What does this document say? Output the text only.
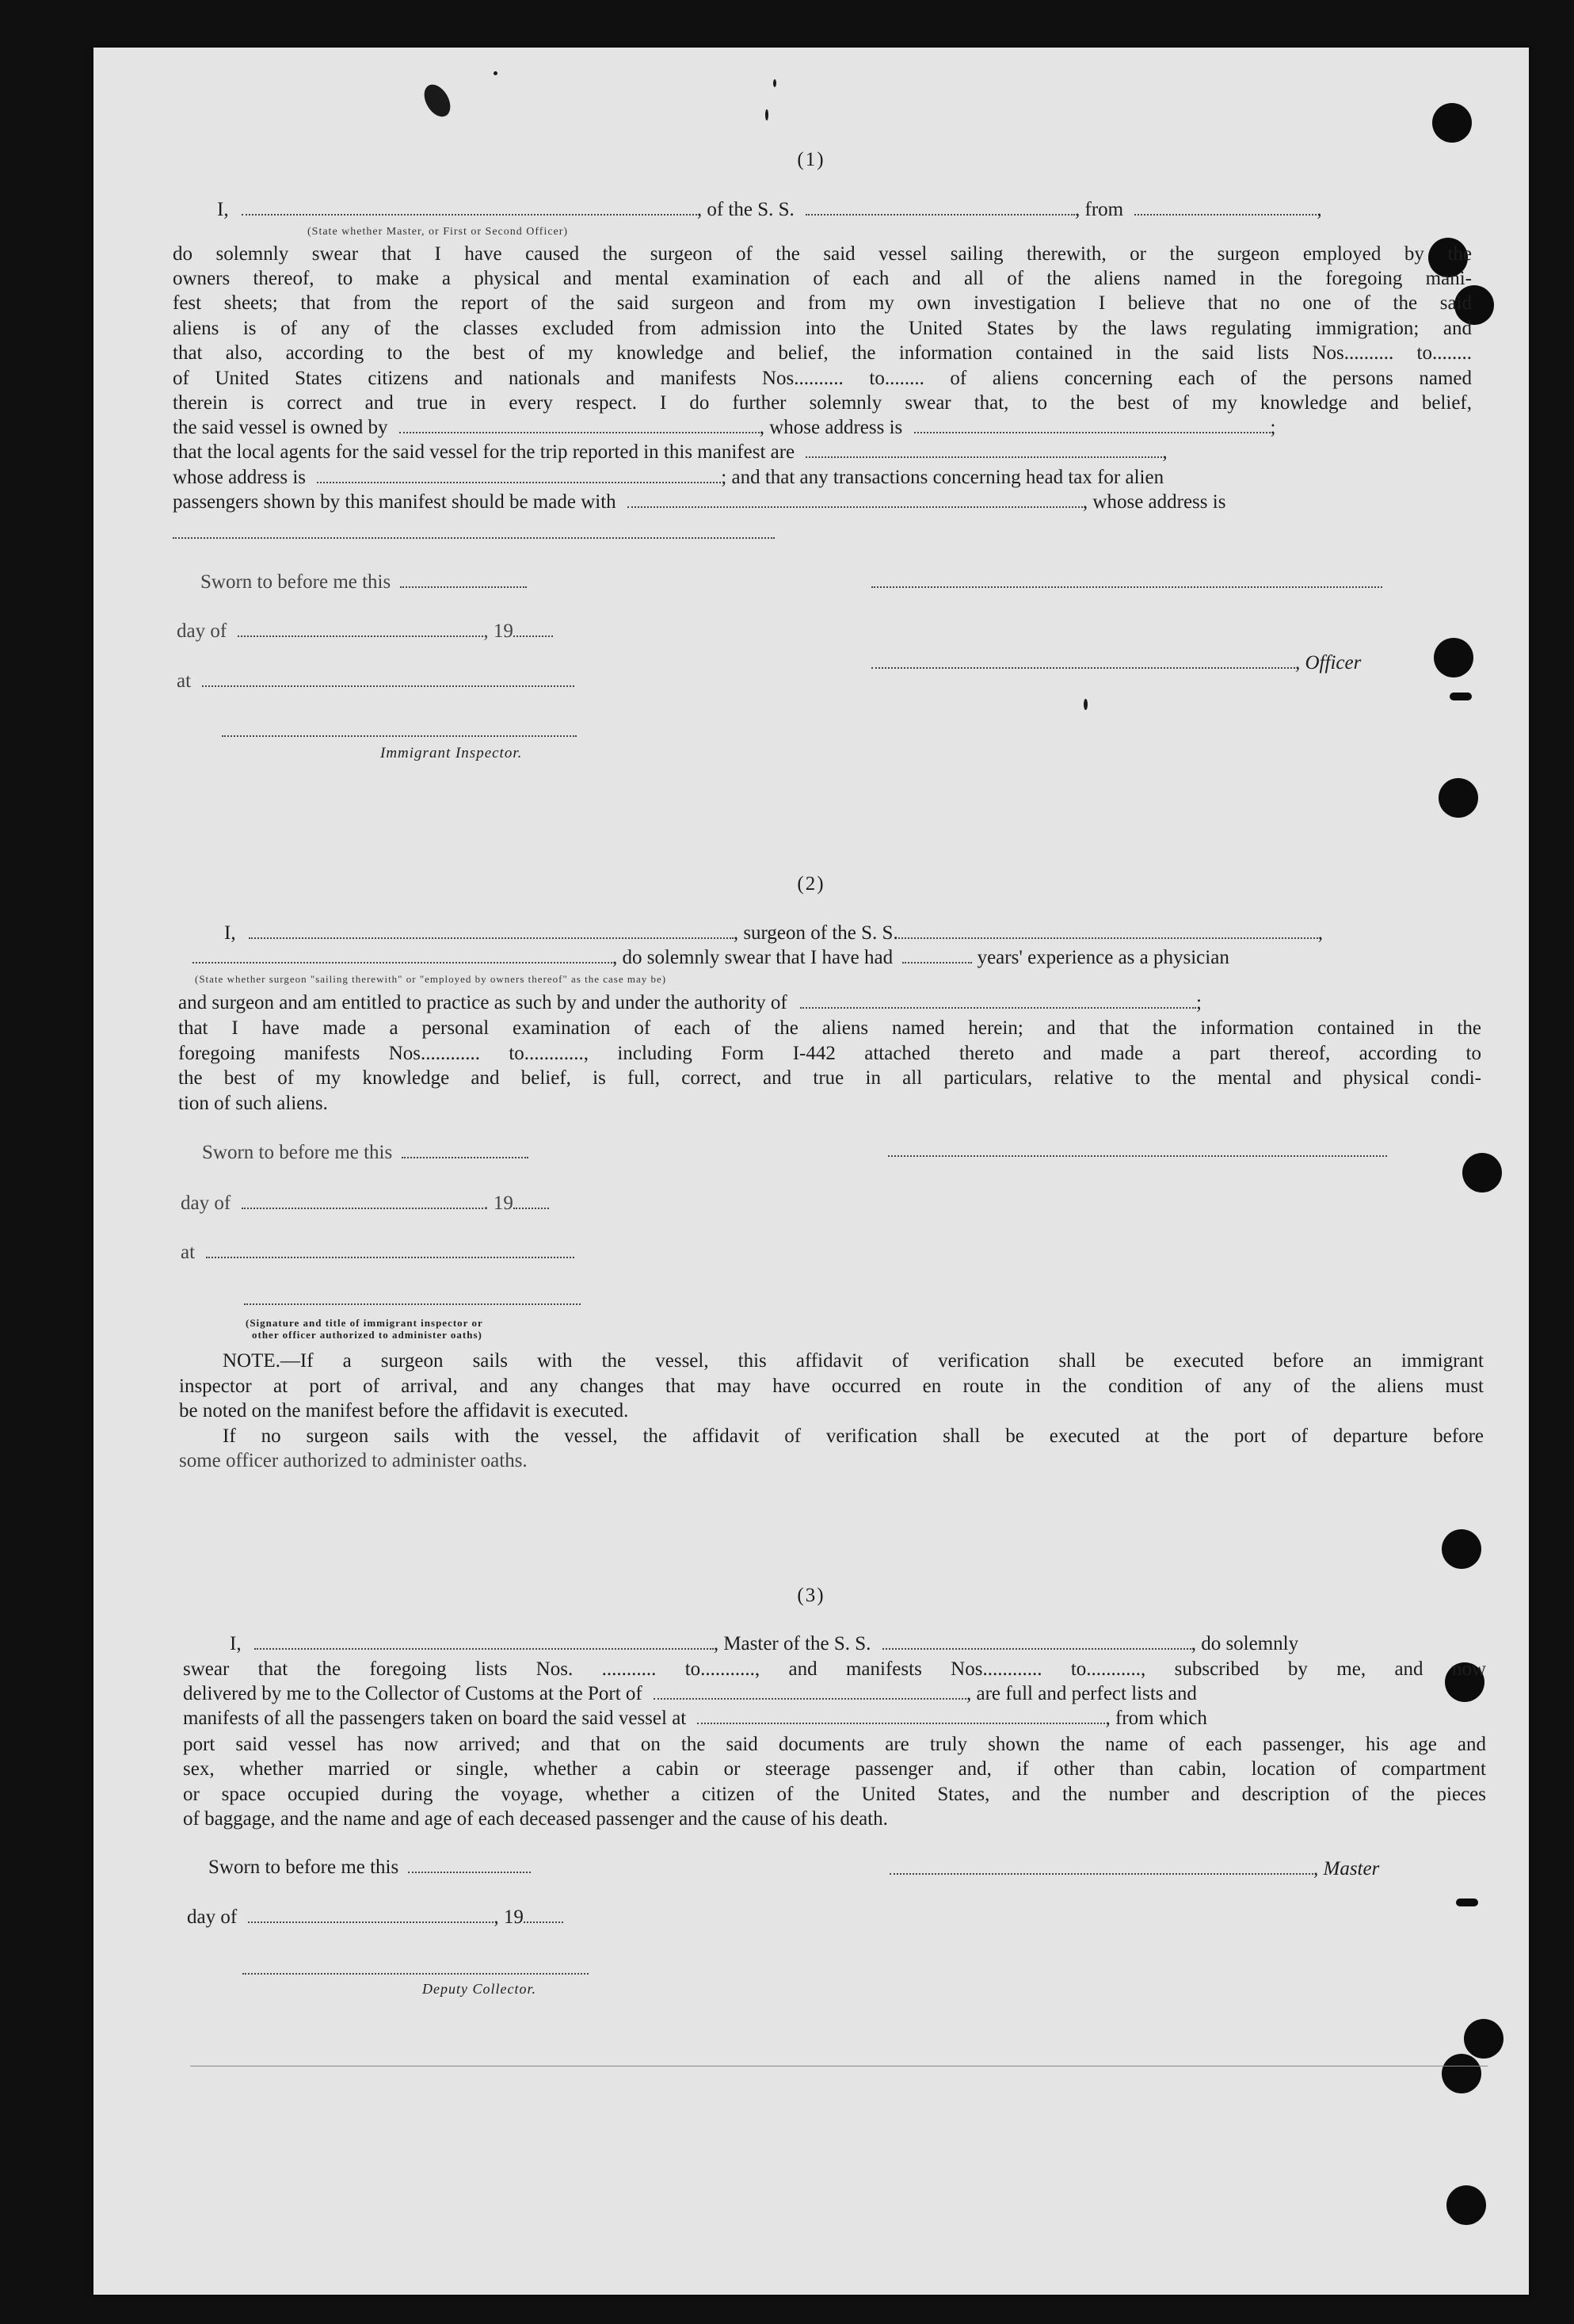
(1)
I,	, of the S. S.	, from	,
(State whether Master, or First or Second Officer)
do solemnly swear that I have caused the surgeon of the said vessel sailing therewith, or the surgeon employed by the
owners thereof, to make a physical and mental examination of each and all of the aliens named in the foregoing mani-
fest sheets; that from the report of the said surgeon and from my own investigation I believe that no one of the said
aliens is of any of the classes excluded from admission into the United States by the laws regulating immigration; and
that also, according to the best of my knowledge and belief, the information contained in the said lists Nos.......... to........
of United States citizens and nationals and manifests Nos.......... to........ of aliens concerning each of the persons named
therein is correct and true in every respect. I do further solemnly swear that, to the best of my knowledge and belief,
the said vessel is owned by	, whose address is	;
that the local agents for the said vessel for the trip reported in this manifest are	,
whose address is	; and that any transactions concerning head tax for alien
passengers shown by this manifest should be made with	, whose address is
Sworn to before me this
day of	, 19
, Officer
at
Immigrant Inspector.
(2)
I,	, surgeon of the S. S.	,
, do solemnly swear that I have had	years' experience as a physician
(State whether surgeon "sailing therewith" or "employed by owners thereof" as the case may be)
and surgeon and am entitled to practice as such by and under the authority of	;
that I have made a personal examination of each of the aliens named herein; and that the information contained in the
foregoing manifests Nos............ to............, including Form I-442 attached thereto and made a part thereof, according to
the best of my knowledge and belief, is full, correct, and true in all particulars, relative to the mental and physical condi-
tion of such aliens.
Sworn to before me this
day of	. 19
at
(Signature and title of immigrant inspector or
other officer authorized to administer oaths)
NOTE.—If a surgeon sails with the vessel, this affidavit of verification shall be executed before an immigrant
inspector at port of arrival, and any changes that may have occurred en route in the condition of any of the aliens must
be noted on the manifest before the affidavit is executed.
If no surgeon sails with the vessel, the affidavit of verification shall be executed at the port of departure before
some officer authorized to administer oaths.
(3)
I,	, Master of the S. S.	, do solemnly
swear that the foregoing lists Nos. ........... to..........., and manifests Nos............ to..........., subscribed by me, and now
delivered by me to the Collector of Customs at the Port of	, are full and perfect lists and
manifests of all the passengers taken on board the said vessel at	, from which
port said vessel has now arrived; and that on the said documents are truly shown the name of each passenger, his age and
sex, whether married or single, whether a cabin or steerage passenger and, if other than cabin, location of compartment
or space occupied during the voyage, whether a citizen of the United States, and the number and description of the pieces
of baggage, and the name and age of each deceased passenger and the cause of his death.
Sworn to before me this	, Master
day of	, 19
Deputy Collector.
